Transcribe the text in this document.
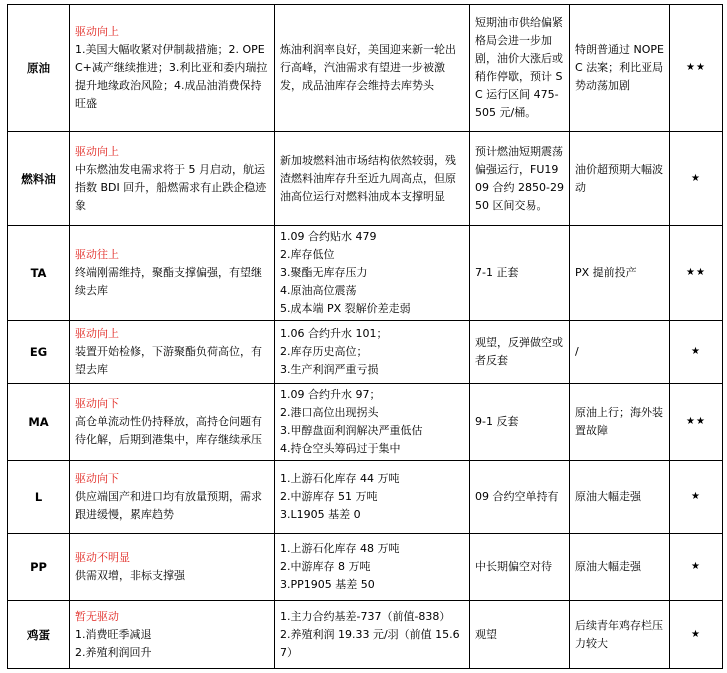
原油	驱动向上
1.美国大幅收紧对伊制裁措施；2. OPEC+减产继续推进；3.利比亚和委内瑞拉提升地缘政治风险；4.成品油消费保持旺盛	炼油利润率良好，美国迎来新一轮出行高峰，汽油需求有望进一步被激发，成品油库存会维持去库势头	短期油市供给偏紧格局会进一步加剧，油价大涨后或稍作停歇，预计 SC 运行区间 475-505 元/桶。	特朗普通过 NOPEC 法案；利比亚局势动荡加剧	★★
燃料油	驱动向上
中东燃油发电需求将于 5 月启动，航运指数 BDI 回升，船燃需求有止跌企稳迹象	新加坡燃料油市场结构依然较弱，残渣燃料油库存升至近九周高点，但原油高位运行对燃料油成本支撑明显	预计燃油短期震荡偏强运行，FU1909 合约 2850-2950 区间交易。	油价超预期大幅波动	★
TA	驱动往上
终端刚需维持，聚酯支撑偏强，有望继续去库	1.09 合约贴水 479
2.库存低位
3.聚酯无库存压力
4.原油高位震荡
5.成本端 PX 裂解价差走弱	7-1 正套	PX 提前投产	★★
EG	驱动向上
装置开始检修，下游聚酯负荷高位，有望去库	1.06 合约升水 101；
2.库存历史高位；
3.生产利润严重亏损	观望，反弹做空或者反套	/	★
MA	驱动向下
高仓单流动性仍持释放，高持仓问题有待化解，后期到港集中，库存继续承压	1.09 合约升水 97；
2.港口高位出现拐头
3.甲醇盘面利润解决严重低估
4.持仓空头筹码过于集中	9-1 反套	原油上行；海外装置故障	★★
L	驱动向下
供应端国产和进口均有放量预期，需求跟进缓慢，累库趋势	1.上游石化库存 44 万吨
2.中游库存 51 万吨
3.L1905 基差 0	09 合约空单持有	原油大幅走强	★
PP	驱动不明显
供需双增，非标支撑强	1.上游石化库存 48 万吨
2.中游库存 8 万吨
3.PP1905 基差 50	中长期偏空对待	原油大幅走强	★
鸡蛋	暂无驱动
1.消费旺季减退
2.养殖利润回升	1.主力合约基差-737（前值-838）
2.养殖利润 19.33 元/羽（前值 15.67）	观望	后续青年鸡存栏压力较大	★
